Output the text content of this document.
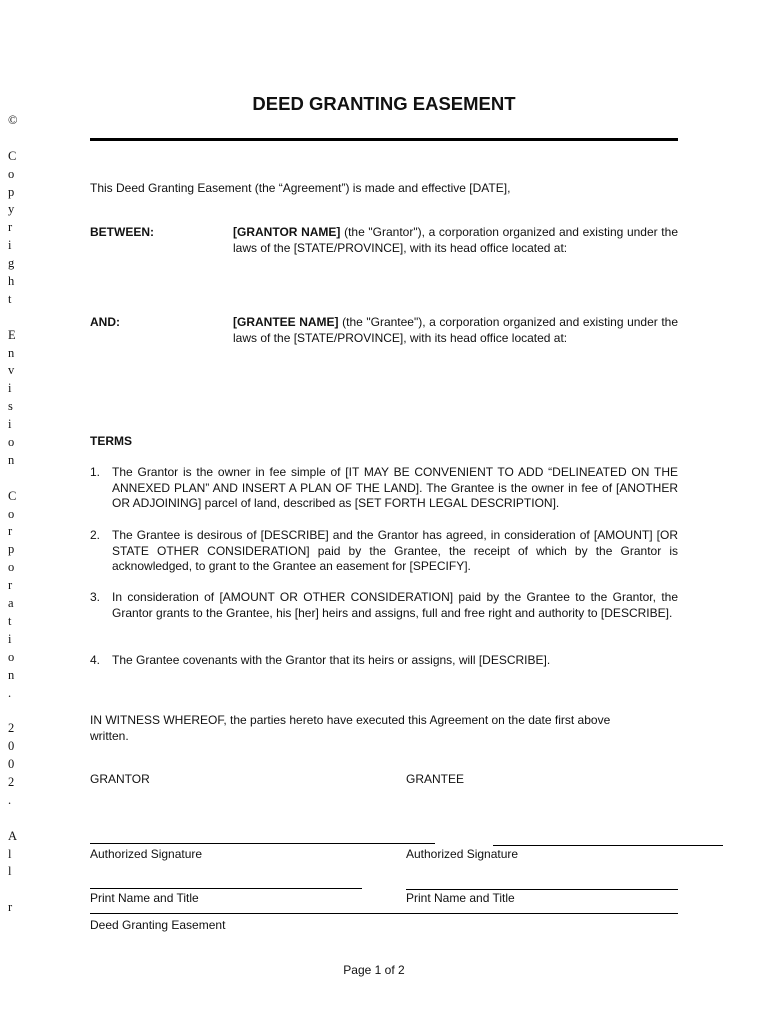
©
C
o
p
y
r
i
g
h
t
E
n
v
i
s
i
o
n
C
o
r
p
o
r
a
t
i
o
n
.
2
0
0
2
.
A
l
l
r
DEED GRANTING EASEMENT
This Deed Granting Easement (the “Agreement”) is made and effective [DATE],
BETWEEN:	[GRANTOR NAME] (the "Grantor"), a corporation organized and existing under the laws of the [STATE/PROVINCE], with its head office located at:
AND:	[GRANTEE NAME] (the "Grantee"), a corporation organized and existing under the laws of the [STATE/PROVINCE], with its head office located at:
TERMS
1. The Grantor is the owner in fee simple of [IT MAY BE CONVENIENT TO ADD “DELINEATED ON THE ANNEXED PLAN” AND INSERT A PLAN OF THE LAND]. The Grantee is the owner in fee of [ANOTHER OR ADJOINING] parcel of land, described as [SET FORTH LEGAL DESCRIPTION].
2. The Grantee is desirous of [DESCRIBE] and the Grantor has agreed, in consideration of [AMOUNT] [OR STATE OTHER CONSIDERATION] paid by the Grantee, the receipt of which by the Grantor is acknowledged, to grant to the Grantee an easement for [SPECIFY].
3. In consideration of [AMOUNT OR OTHER CONSIDERATION] paid by the Grantee to the Grantor, the Grantor grants to the Grantee, his [her] heirs and assigns, full and free right and authority to [DESCRIBE].
4. The Grantee covenants with the Grantor that its heirs or assigns, will [DESCRIBE].
IN WITNESS WHEREOF, the parties hereto have executed this Agreement on the date first above written.
GRANTOR	GRANTEE
Authorized Signature	Authorized Signature
Print Name and Title	Print Name and Title
Deed Granting Easement
Page 1 of 2
